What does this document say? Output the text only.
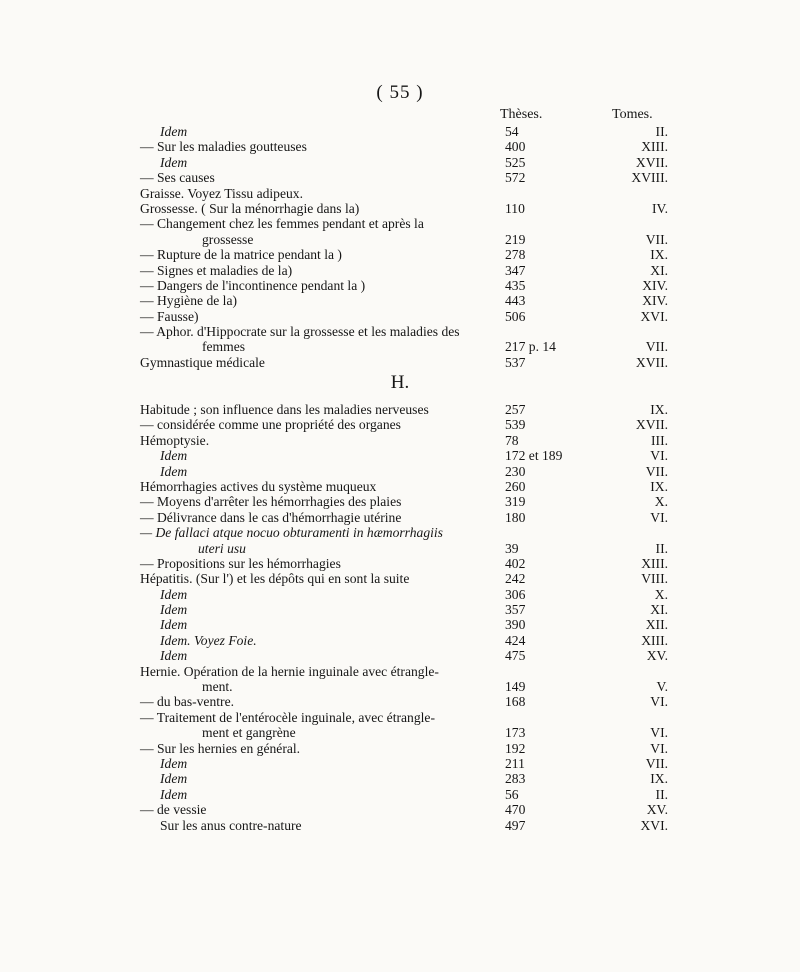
( 55 )
Thèses.	Tomes.
Idem	54	II.
— Sur les maladies goutteuses	400	XIII.
Idem	525	XVII.
— Ses causes	572	XVIII.
Graisse. Voyez Tissu adipeux.
Grossesse. ( Sur la ménorrhagie dans la)	110	IV.
— Changement chez les femmes pendant et après la
grossesse	219	VII.
— Rupture de la matrice pendant la )	278	IX.
— Signes et maladies de la)	347	XI.
— Dangers de l'incontinence pendant la )	435	XIV.
— Hygiène de la)	443	XIV.
— Fausse)	506	XVI.
— Aphor. d'Hippocrate sur la grossesse et les maladies des
femmes	217 p. 14	VII.
Gymnastique médicale	537	XVII.
H.
Habitude ; son influence dans les maladies nerveuses	257	IX.
— considérée comme une propriété des organes	539	XVII.
Hémoptysie.	78	III.
Idem	172 et 189	VI.
Idem	230	VII.
Hémorrhagies actives du système muqueux	260	IX.
— Moyens d'arrêter les hémorrhagies des plaies	319	X.
— Délivrance dans le cas d'hémorrhagie utérine	180	VI.
— De fallaci atque nocuo obturamenti in hæmorrhagiis
uteri usu	39	II.
— Propositions sur les hémorrhagies	402	XIII.
Hépatitis. (Sur l') et les dépôts qui en sont la suite	242	VIII.
Idem	306	X.
Idem	357	XI.
Idem	390	XII.
Idem. Voyez Foie.	424	XIII.
Idem	475	XV.
Hernie. Opération de la hernie inguinale avec étrangle-
ment.	149	V.
— du bas-ventre.	168	VI.
— Traitement de l'entérocèle inguinale, avec étrangle-
ment et gangrène	173	VI.
— Sur les hernies en général.	192	VI.
Idem	211	VII.
Idem	283	IX.
Idem	56	II.
— de vessie	470	XV.
Sur les anus contre-nature	497	XVI.
